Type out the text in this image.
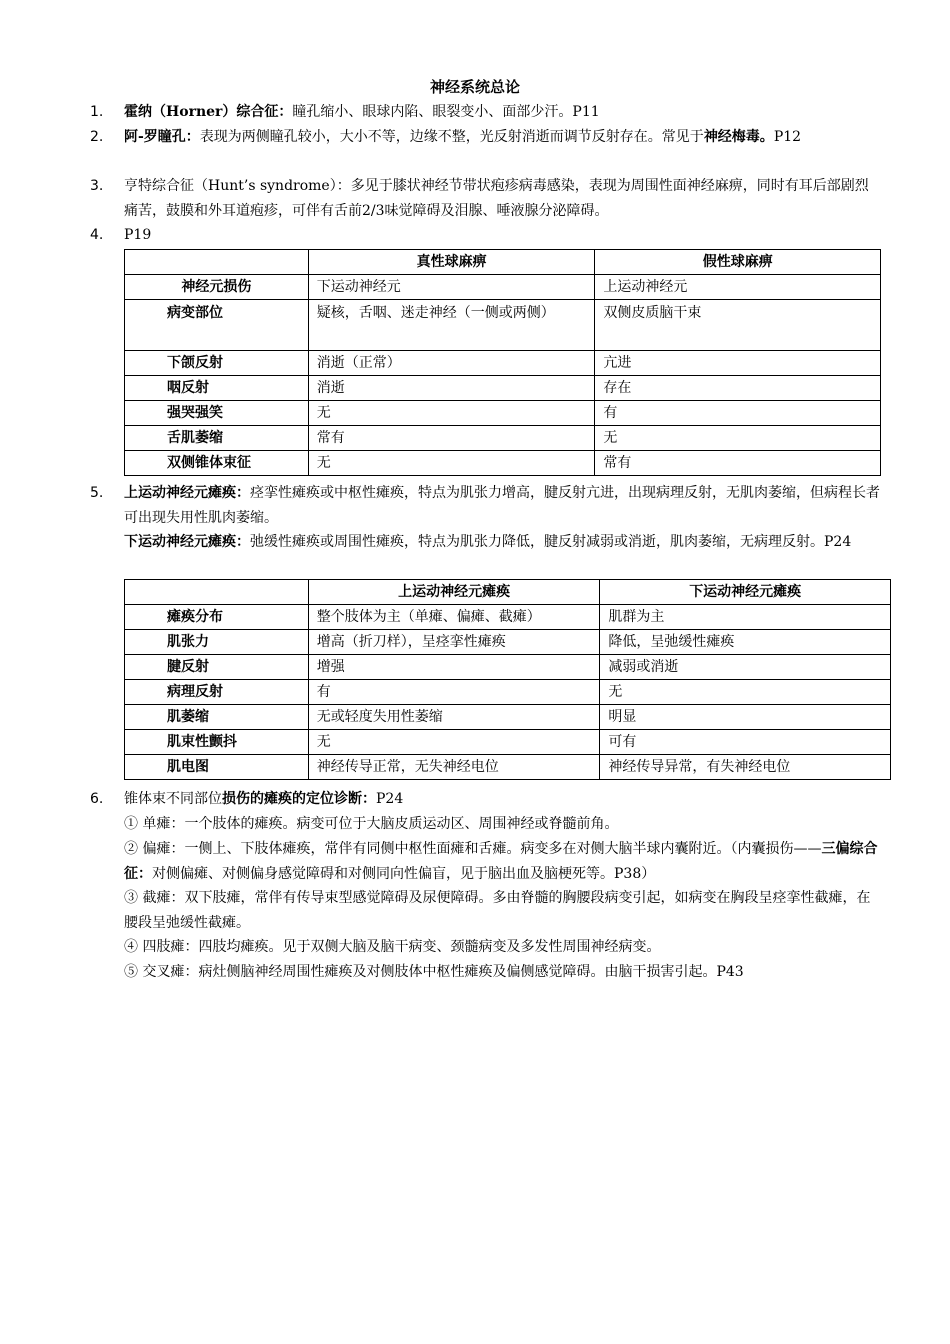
神经系统总论
1.	霍纳（Horner）综合征：瞳孔缩小、眼球内陷、眼裂变小、面部少汗。P11
2.	阿-罗瞳孔：表现为两侧瞳孔较小，大小不等，边缘不整，光反射消逝而调节反射存在。常见于神经梅毒。P12
3.	亨特综合征（Hunt’s syndrome）：多见于膝状神经节带状疱疹病毒感染，表现为周围性面神经麻痹，同时有耳后部剧烈痛苦，鼓膜和外耳道疱疹，可伴有舌前2/3味觉障碍及泪腺、唾液腺分泌障碍。
4.	P19
	真性球麻痹	假性球麻痹
神经元损伤	下运动神经元	上运动神经元
病变部位	疑核，舌咽、迷走神经（一侧或两侧）	双侧皮质脑干束
下颌反射	消逝（正常）	亢进
咽反射	消逝	存在
强哭强笑	无	有
舌肌萎缩	常有	无
双侧锥体束征	无	常有
5.	上运动神经元瘫痪：痉挛性瘫痪或中枢性瘫痪，特点为肌张力增高，腱反射亢进，出现病理反射，无肌肉萎缩，但病程长者可出现失用性肌肉萎缩。
下运动神经元瘫痪：弛缓性瘫痪或周围性瘫痪，特点为肌张力降低，腱反射减弱或消逝，肌肉萎缩，无病理反射。P24
	上运动神经元瘫痪	下运动神经元瘫痪
瘫痪分布	整个肢体为主（单瘫、偏瘫、截瘫）	肌群为主
肌张力	增高（折刀样），呈痉挛性瘫痪	降低，呈弛缓性瘫痪
腱反射	增强	减弱或消逝
病理反射	有	无
肌萎缩	无或轻度失用性萎缩	明显
肌束性颤抖	无	可有
肌电图	神经传导正常，无失神经电位	神经传导异常，有失神经电位
6.	锥体束不同部位损伤的瘫痪的定位诊断：P24
① 单瘫：一个肢体的瘫痪。病变可位于大脑皮质运动区、周围神经或脊髓前角。
② 偏瘫：一侧上、下肢体瘫痪，常伴有同侧中枢性面瘫和舌瘫。病变多在对侧大脑半球内囊附近。（内囊损伤——三偏综合征：对侧偏瘫、对侧偏身感觉障碍和对侧同向性偏盲，见于脑出血及脑梗死等。P38）
③ 截瘫：双下肢瘫，常伴有传导束型感觉障碍及尿便障碍。多由脊髓的胸腰段病变引起，如病变在胸段呈痉挛性截瘫，在腰段呈弛缓性截瘫。
④ 四肢瘫：四肢均瘫痪。见于双侧大脑及脑干病变、颈髓病变及多发性周围神经病变。
⑤ 交叉瘫：病灶侧脑神经周围性瘫痪及对侧肢体中枢性瘫痪及偏侧感觉障碍。由脑干损害引起。P43
